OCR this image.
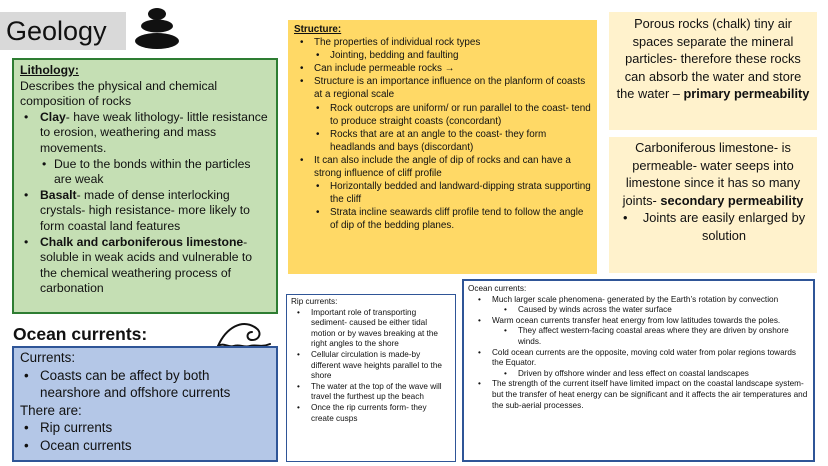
Geology
Lithology:
Describes the physical and chemical composition of rocks
• Clay- have weak lithology- little resistance to erosion, weathering and mass movements.
• Due to the bonds within the particles are weak
• Basalt- made of dense interlocking crystals- high resistance- more likely to form coastal land features
• Chalk and carboniferous limestone- soluble in weak acids and vulnerable to the chemical weathering process of carbonation
Ocean currents:
Currents:
• Coasts can be affect by both nearshore and offshore currents
There are:
• Rip currents
• Ocean currents
Structure:
• The properties of individual rock types
• Jointing, bedding and faulting
• Can include permeable rocks →
• Structure is an importance influence on the planform of coasts at a regional scale
• Rock outcrops are uniform/ or run parallel to the coast- tend to produce straight coasts (concordant)
• Rocks that are at an angle to the coast- they form headlands and bays (discordant)
• It can also include the angle of dip of rocks and can have a strong influence of cliff profile
• Horizontally bedded and landward-dipping strata supporting the cliff
• Strata incline seawards cliff profile tend to follow the angle of dip of the bedding planes.
Porous rocks (chalk) tiny air spaces separate the mineral particles- therefore these rocks can absorb the water and store the water – primary permeability
Carboniferous limestone- is permeable- water seeps into limestone since it has so many joints- secondary permeability
• Joints are easily enlarged by solution
Rip currents:
• Important role of transporting sediment- caused be either tidal motion or by waves breaking at the right angles to the shore
• Cellular circulation is made-by different wave heights parallel to the shore
• The water at the top of the wave will travel the furthest up the beach
• Once the rip currents form- they create cusps
Ocean currents:
• Much larger scale phenomena- generated by the Earth’s rotation by convection
• Caused by winds across the water surface
• Warm ocean currents transfer heat energy from low latitudes towards the poles.
• They affect western-facing coastal areas where they are driven by onshore winds.
• Cold ocean currents are the opposite, moving cold water from polar regions towards the Equator.
• Driven by offshore winder and less effect on coastal landscapes
• The strength of the current itself have limited impact on the coastal landscape system- but the transfer of heat energy can be significant and it affects the air temperatures and the sub-aerial processes.
